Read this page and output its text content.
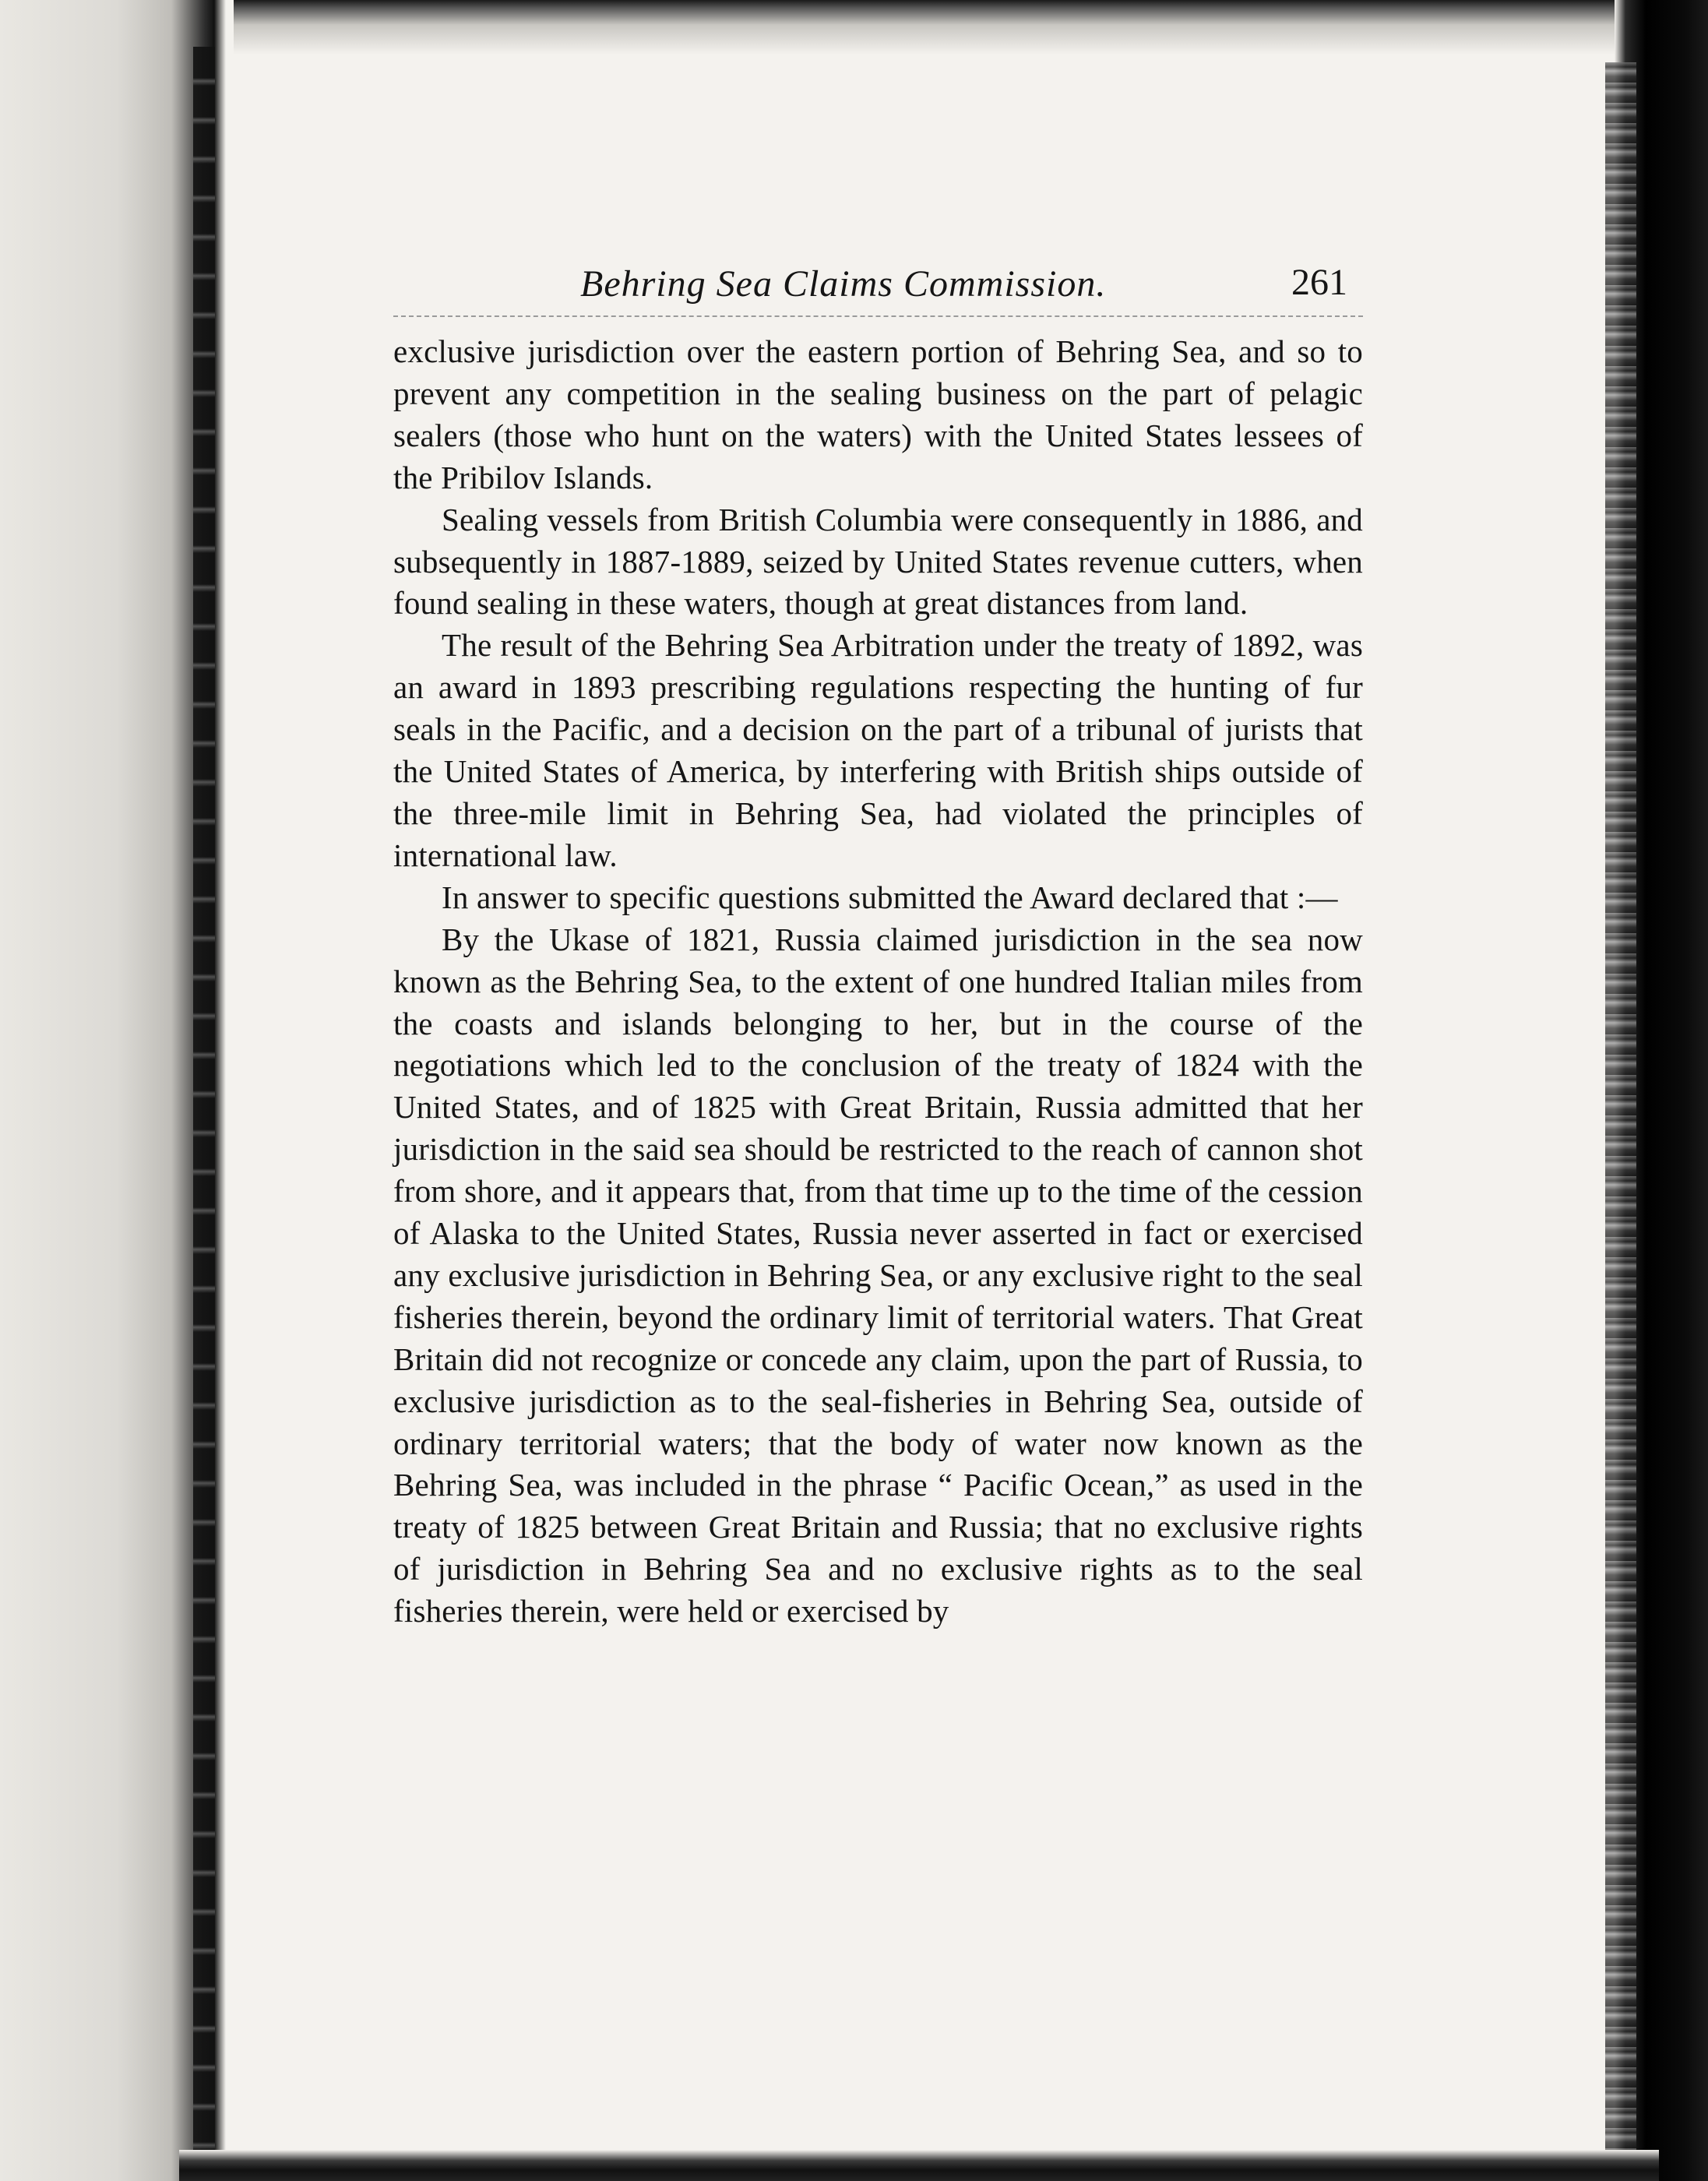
Behring Sea Claims Commission.	261

exclusive jurisdiction over the eastern portion of Behring Sea, and so to prevent any competition in the sealing business on the part of pelagic sealers (those who hunt on the waters) with the United States lessees of the Pribilov Islands.

Sealing vessels from British Columbia were consequently in 1886, and subsequently in 1887-1889, seized by United States revenue cutters, when found sealing in these waters, though at great distances from land.

The result of the Behring Sea Arbitration under the treaty of 1892, was an award in 1893 prescribing regulations respecting the hunting of fur seals in the Pacific, and a decision on the part of a tribunal of jurists that the United States of America, by interfering with British ships outside of the three-mile limit in Behring Sea, had violated the principles of international law.

In answer to specific questions submitted the Award declared that :—

By the Ukase of 1821, Russia claimed jurisdiction in the sea now known as the Behring Sea, to the extent of one hundred Italian miles from the coasts and islands belonging to her, but in the course of the negotiations which led to the conclusion of the treaty of 1824 with the United States, and of 1825 with Great Britain, Russia admitted that her jurisdiction in the said sea should be restricted to the reach of cannon shot from shore, and it appears that, from that time up to the time of the cession of Alaska to the United States, Russia never asserted in fact or exercised any exclusive jurisdiction in Behring Sea, or any exclusive right to the seal fisheries therein, beyond the ordinary limit of territorial waters. That Great Britain did not recognize or concede any claim, upon the part of Russia, to exclusive jurisdiction as to the seal-fisheries in Behring Sea, outside of ordinary territorial waters; that the body of water now known as the Behring Sea, was included in the phrase “ Pacific Ocean,” as used in the treaty of 1825 between Great Britain and Russia; that no exclusive rights of jurisdiction in Behring Sea and no exclusive rights as to the seal fisheries therein, were held or exercised by
